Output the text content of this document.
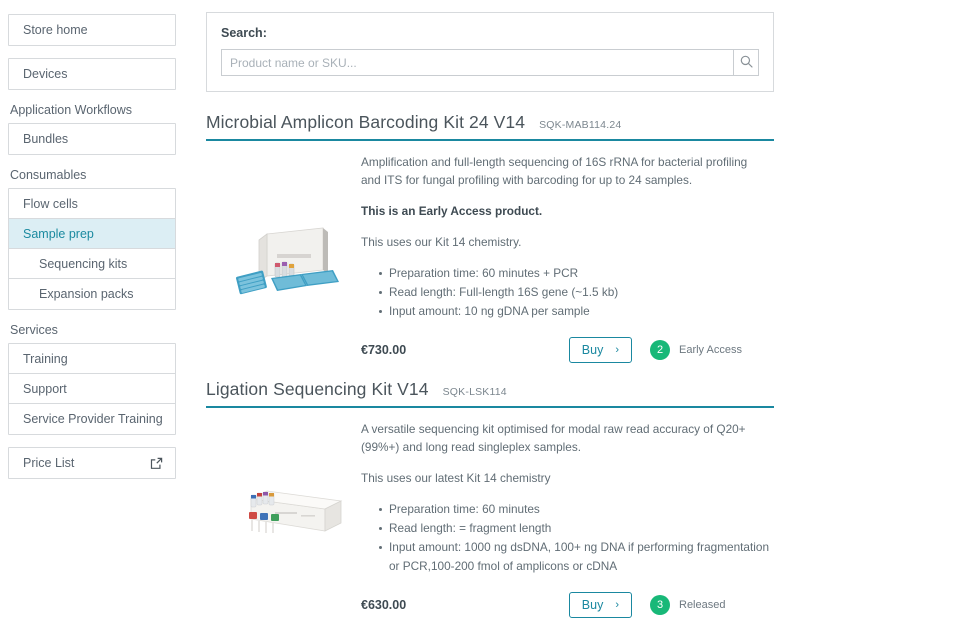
Store home
Devices
Application Workflows
Bundles
Consumables
Flow cells
Sample prep
Sequencing kits
Expansion packs
Services
Training
Support
Service Provider Training
Price List
Search:
Product name or SKU...
Microbial Amplicon Barcoding Kit 24 V14 SQK-MAB114.24

Amplification and full-length sequencing of 16S rRNA for bacterial profiling and ITS for fungal profiling with barcoding for up to 24 samples.

This is an Early Access product.

This uses our Kit 14 chemistry.

Preparation time: 60 minutes + PCR
Read length: Full-length 16S gene (~1.5 kb)
Input amount: 10 ng gDNA per sample
€730.00	Buy ›	2	Early Access
Ligation Sequencing Kit V14 SQK-LSK114

A versatile sequencing kit optimised for modal raw read accuracy of Q20+ (99%+) and long read singleplex samples.

This uses our latest Kit 14 chemistry

Preparation time: 60 minutes
Read length: = fragment length
Input amount: 1000 ng dsDNA, 100+ ng DNA if performing fragmentation or PCR,100-200 fmol of amplicons or cDNA
€630.00	Buy ›	3	Released
